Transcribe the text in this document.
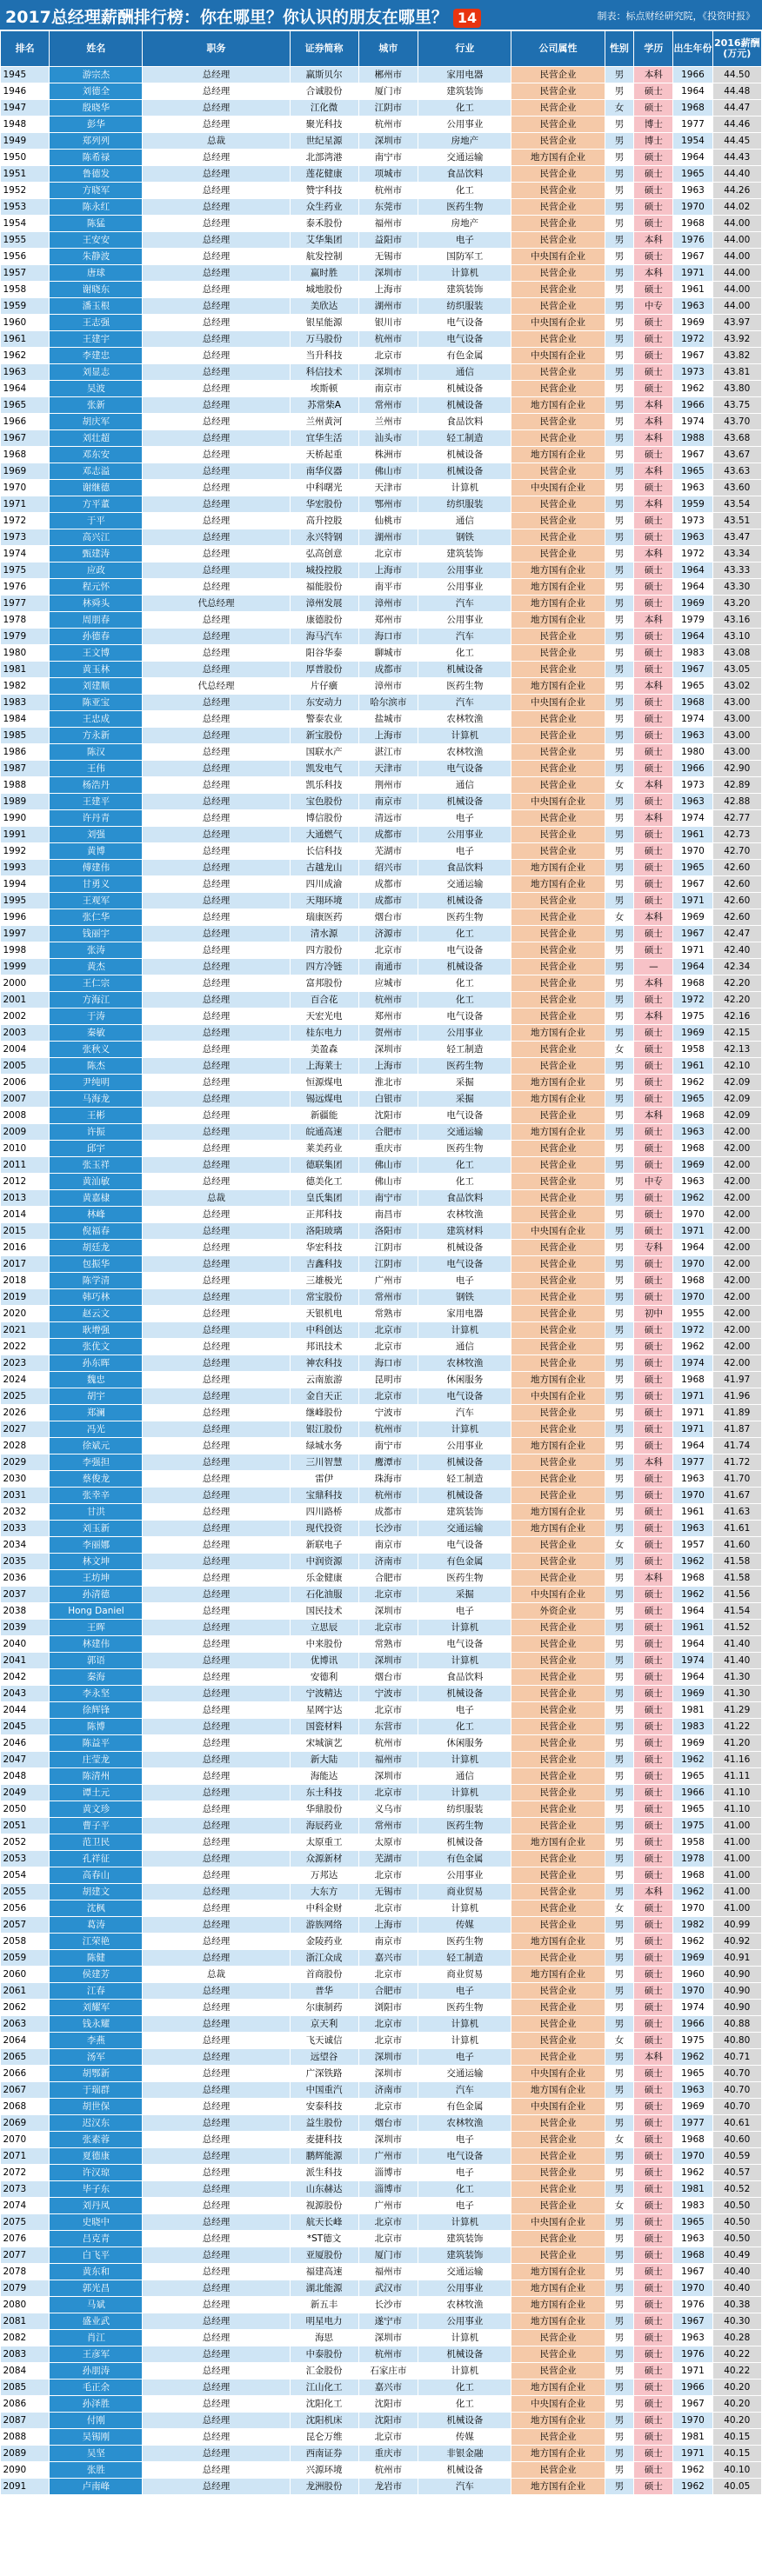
2017总经理薪酬排行榜：你在哪里？你认识的朋友在哪里？ 14	制表：标点财经研究院，《投资时报》
排名	姓名	职务	证券简称	城市	行业	公司属性	性别	学历	出生年份	2016薪酬(万元)
1945	游宗杰	总经理	赢斯贝尔	郴州市	家用电器	民营企业	男	本科	1966	44.50
1946	刘德全	总经理	合诚股份	厦门市	建筑装饰	民营企业	男	硕士	1964	44.48
1947	殷晓华	总经理	江化微	江阴市	化工	民营企业	女	硕士	1968	44.47
1948	彭华	总经理	聚光科技	杭州市	公用事业	民营企业	男	博士	1977	44.46
1949	郑列列	总裁	世纪星源	深圳市	房地产	民营企业	男	博士	1954	44.45
1950	陈希禄	总经理	北部湾港	南宁市	交通运输	地方国有企业	男	硕士	1964	44.43
1951	鲁德发	总经理	莲花健康	项城市	食品饮料	民营企业	男	硕士	1965	44.40
1952	方晓军	总经理	赞宇科技	杭州市	化工	民营企业	男	硕士	1963	44.26
1953	陈永红	总经理	众生药业	东莞市	医药生物	民营企业	男	硕士	1970	44.02
1954	陈猛	总经理	泰禾股份	福州市	房地产	民营企业	男	硕士	1968	44.00
1955	王安安	总经理	艾华集团	益阳市	电子	民营企业	男	本科	1976	44.00
1956	朱静波	总经理	航发控制	无锡市	国防军工	中央国有企业	男	硕士	1967	44.00
1957	唐球	总经理	赢时胜	深圳市	计算机	民营企业	男	本科	1971	44.00
1958	谢晓东	总经理	城地股份	上海市	建筑装饰	民营企业	男	硕士	1961	44.00
1959	潘玉根	总经理	美欣达	湖州市	纺织服装	民营企业	男	中专	1963	44.00
1960	王志强	总经理	银星能源	银川市	电气设备	中央国有企业	男	硕士	1969	43.97
1961	王建宇	总经理	万马股份	杭州市	电气设备	民营企业	男	硕士	1972	43.92
1962	李建忠	总经理	当升科技	北京市	有色金属	中央国有企业	男	硕士	1967	43.82
1963	刘显志	总经理	科信技术	深圳市	通信	民营企业	男	硕士	1973	43.81
1964	吴波	总经理	埃斯顿	南京市	机械设备	民营企业	男	硕士	1962	43.80
1965	张新	总经理	苏常柴A	常州市	机械设备	地方国有企业	男	本科	1966	43.75
1966	胡庆军	总经理	兰州黄河	兰州市	食品饮料	民营企业	男	本科	1974	43.70
1967	刘壮超	总经理	宜华生活	汕头市	轻工制造	民营企业	男	本科	1988	43.68
1968	邓东安	总经理	天桥起重	株洲市	机械设备	地方国有企业	男	硕士	1967	43.67
1969	邓志溢	总经理	南华仪器	佛山市	机械设备	民营企业	男	本科	1965	43.63
1970	谢继德	总经理	中科曙光	天津市	计算机	中央国有企业	男	硕士	1963	43.60
1971	方平董	总经理	华宏股份	鄂州市	纺织服装	民营企业	男	本科	1959	43.54
1972	于平	总经理	高升控股	仙桃市	通信	民营企业	男	硕士	1973	43.51
1973	高兴江	总经理	永兴特钢	湖州市	钢铁	民营企业	男	硕士	1963	43.47
1974	甄建涛	总经理	弘高创意	北京市	建筑装饰	民营企业	男	本科	1972	43.34
1975	应政	总经理	城投控股	上海市	公用事业	地方国有企业	男	硕士	1964	43.33
1976	程元怀	总经理	福能股份	南平市	公用事业	地方国有企业	男	硕士	1964	43.30
1977	林舜头	代总经理	漳州发展	漳州市	汽车	地方国有企业	男	硕士	1969	43.20
1978	周朋春	总经理	康德股份	郑州市	公用事业	地方国有企业	男	本科	1979	43.16
1979	孙德春	总经理	海马汽车	海口市	汽车	民营企业	男	硕士	1964	43.10
1980	王文博	总经理	阳谷华泰	聊城市	化工	民营企业	男	硕士	1983	43.08
1981	黄玉林	总经理	厚普股份	成都市	机械设备	民营企业	男	硕士	1967	43.05
1982	刘建顺	代总经理	片仔癀	漳州市	医药生物	地方国有企业	男	本科	1965	43.02
1983	陈亚宝	总经理	东安动力	哈尔滨市	汽车	中央国有企业	男	硕士	1968	43.00
1984	王忠成	总经理	警泰农业	盐城市	农林牧渔	民营企业	男	硕士	1974	43.00
1985	方永新	总经理	新宝股份	上海市	计算机	民营企业	男	硕士	1963	43.00
1986	陈汉	总经理	国联水产	湛江市	农林牧渔	民营企业	男	硕士	1980	43.00
1987	王伟	总经理	凯发电气	天津市	电气设备	民营企业	男	硕士	1966	42.90
1988	杨浩丹	总经理	凯乐科技	荆州市	通信	民营企业	女	本科	1973	42.89
1989	王建平	总经理	宝色股份	南京市	机械设备	中央国有企业	男	硕士	1963	42.88
1990	许丹青	总经理	博信股份	清远市	电子	民营企业	男	本科	1974	42.77
1991	刘强	总经理	大通燃气	成都市	公用事业	民营企业	男	硕士	1961	42.73
1992	黄博	总经理	长信科技	芜湖市	电子	民营企业	男	硕士	1970	42.70
1993	傅建伟	总经理	古越龙山	绍兴市	食品饮料	地方国有企业	男	硕士	1965	42.60
1994	甘勇义	总经理	四川成渝	成都市	交通运输	地方国有企业	男	硕士	1967	42.60
1995	王观军	总经理	天翔环境	成都市	机械设备	民营企业	男	硕士	1971	42.60
1996	张仁华	总经理	瑞康医药	烟台市	医药生物	民营企业	女	本科	1969	42.60
1997	钱丽宇	总经理	清水源	济源市	化工	民营企业	男	硕士	1967	42.47
1998	张涛	总经理	四方股份	北京市	电气设备	民营企业	男	硕士	1971	42.40
1999	黄杰	总经理	四方冷链	南通市	机械设备	民营企业	男	—	1964	42.34
2000	王仁宗	总经理	富邦股份	应城市	化工	民营企业	男	本科	1968	42.20
2001	方海江	总经理	百合花	杭州市	化工	民营企业	男	硕士	1972	42.20
2002	于涛	总经理	天宏光电	郑州市	电气设备	民营企业	男	本科	1975	42.16
2003	秦敏	总经理	桂东电力	贺州市	公用事业	地方国有企业	男	硕士	1969	42.15
2004	张秋义	总经理	美盈森	深圳市	轻工制造	民营企业	女	硕士	1958	42.13
2005	陈杰	总经理	上海莱士	上海市	医药生物	民营企业	男	硕士	1961	42.10
2006	尹纯明	总经理	恒源煤电	淮北市	采掘	地方国有企业	男	硕士	1962	42.09
2007	马海龙	总经理	锡远煤电	白银市	采掘	地方国有企业	男	硕士	1965	42.09
2008	王彬	总经理	新疆能	沈阳市	电气设备	民营企业	男	本科	1968	42.09
2009	许振	总经理	皖通高速	合肥市	交通运输	地方国有企业	男	硕士	1963	42.00
2010	邱宇	总经理	莱美药业	重庆市	医药生物	民营企业	男	硕士	1968	42.00
2011	张玉祥	总经理	德联集团	佛山市	化工	民营企业	男	硕士	1969	42.00
2012	黄汕敏	总经理	德美化工	佛山市	化工	民营企业	男	中专	1963	42.00
2013	黄嘉棣	总裁	皇氏集团	南宁市	食品饮料	民营企业	男	硕士	1962	42.00
2014	林峰	总经理	正邦科技	南昌市	农林牧渔	民营企业	男	硕士	1970	42.00
2015	倪福春	总经理	洛阳玻璃	洛阳市	建筑材料	中央国有企业	男	硕士	1971	42.00
2016	胡廷龙	总经理	华宏科技	江阴市	机械设备	民营企业	男	专科	1964	42.00
2017	包振华	总经理	吉鑫科技	江阴市	电气设备	民营企业	男	硕士	1970	42.00
2018	陈学清	总经理	三雄极光	广州市	电子	民营企业	男	硕士	1968	42.00
2019	韩巧林	总经理	常宝股份	常州市	钢铁	民营企业	男	硕士	1970	42.00
2020	赵云文	总经理	天银机电	常熟市	家用电器	民营企业	男	初中	1955	42.00
2021	耿增强	总经理	中科创达	北京市	计算机	民营企业	男	硕士	1972	42.00
2022	张优文	总经理	邦讯技术	北京市	通信	民营企业	男	硕士	1962	42.00
2023	孙东晖	总经理	神农科技	海口市	农林牧渔	民营企业	男	硕士	1974	42.00
2024	魏忠	总经理	云南旅游	昆明市	休闲服务	地方国有企业	男	硕士	1968	41.97
2025	胡宇	总经理	金自天正	北京市	电气设备	中央国有企业	男	硕士	1971	41.96
2026	郑澜	总经理	继峰股份	宁波市	汽车	民营企业	男	硕士	1971	41.89
2027	冯光	总经理	银江股份	杭州市	计算机	民营企业	男	硕士	1971	41.87
2028	徐斌元	总经理	绿城水务	南宁市	公用事业	地方国有企业	男	硕士	1964	41.74
2029	李强担	总经理	三川智慧	鹰潭市	机械设备	民营企业	男	本科	1977	41.72
2030	蔡俊龙	总经理	雷伊	珠海市	轻工制造	民营企业	男	硕士	1963	41.70
2031	张幸辛	总经理	宝鼎科技	杭州市	机械设备	民营企业	男	硕士	1970	41.67
2032	甘洪	总经理	四川路桥	成都市	建筑装饰	地方国有企业	男	硕士	1961	41.63
2033	刘玉新	总经理	现代投资	长沙市	交通运输	地方国有企业	男	硕士	1963	41.61
2034	李丽娜	总经理	新联电子	南京市	电气设备	民营企业	女	硕士	1957	41.60
2035	林文坤	总经理	中润资源	济南市	有色金属	民营企业	男	硕士	1962	41.58
2036	王坊坤	总经理	乐金健康	合肥市	医药生物	民营企业	男	本科	1968	41.58
2037	孙清德	总经理	石化油服	北京市	采掘	中央国有企业	男	硕士	1962	41.56
2038	Hong Daniel	总经理	国民技术	深圳市	电子	外资企业	男	硕士	1964	41.54
2039	王晖	总经理	立思辰	北京市	计算机	民营企业	男	硕士	1961	41.52
2040	林建伟	总经理	中来股份	常熟市	电气设备	民营企业	男	硕士	1964	41.40
2041	郭语	总经理	优博讯	深圳市	计算机	民营企业	男	硕士	1974	41.40
2042	秦海	总经理	安德利	烟台市	食品饮料	民营企业	男	硕士	1964	41.30
2043	李永坚	总经理	宁波精达	宁波市	机械设备	民营企业	男	硕士	1969	41.30
2044	徐辉锋	总经理	星网宇达	北京市	电子	民营企业	男	硕士	1981	41.29
2045	陈博	总经理	国瓷材料	东营市	化工	民营企业	男	硕士	1983	41.22
2046	陈益平	总经理	宋城演艺	杭州市	休闲服务	民营企业	男	硕士	1969	41.20
2047	庄莹龙	总经理	新大陆	福州市	计算机	民营企业	男	硕士	1962	41.16
2048	陈清州	总经理	海能达	深圳市	通信	民营企业	男	硕士	1965	41.11
2049	谭土元	总经理	东土科技	北京市	计算机	民营企业	男	硕士	1966	41.10
2050	黄文珍	总经理	华鼎股份	义乌市	纺织服装	民营企业	男	硕士	1965	41.10
2051	曹子平	总经理	海辰药业	常州市	医药生物	民营企业	男	硕士	1975	41.00
2052	范卫民	总经理	太原重工	太原市	机械设备	地方国有企业	男	硕士	1958	41.00
2053	孔祥征	总经理	众源新材	芜湖市	有色金属	民营企业	男	硕士	1978	41.00
2054	高春山	总经理	万邦达	北京市	公用事业	民营企业	男	硕士	1968	41.00
2055	胡建文	总经理	大东方	无锡市	商业贸易	民营企业	男	本科	1962	41.00
2056	沈枫	总经理	中科金财	北京市	计算机	民营企业	女	硕士	1970	41.00
2057	葛涛	总经理	游族网络	上海市	传媒	民营企业	男	硕士	1982	40.99
2058	江荣艳	总经理	金陵药业	南京市	医药生物	地方国有企业	男	硕士	1962	40.92
2059	陈健	总经理	浙江众成	嘉兴市	轻工制造	民营企业	男	硕士	1969	40.91
2060	侯建芳	总裁	首商股份	北京市	商业贸易	地方国有企业	男	硕士	1960	40.90
2061	江春	总经理	普华	合肥市	电子	民营企业	男	硕士	1970	40.90
2062	刘耀军	总经理	尔康制药	浏阳市	医药生物	民营企业	男	硕士	1974	40.90
2063	钱永耀	总经理	京天利	北京市	计算机	民营企业	男	硕士	1966	40.88
2064	李燕	总经理	飞天诚信	北京市	计算机	民营企业	女	硕士	1975	40.80
2065	汤军	总经理	远望谷	深圳市	电子	民营企业	男	本科	1962	40.71
2066	胡鄂新	总经理	广深铁路	深圳市	交通运输	中央国有企业	男	硕士	1965	40.70
2067	于瑞群	总经理	中国重汽	济南市	汽车	地方国有企业	男	硕士	1963	40.70
2068	胡世保	总经理	安泰科技	北京市	有色金属	中央国有企业	男	硕士	1969	40.70
2069	迟汉东	总经理	益生股份	烟台市	农林牧渔	民营企业	男	硕士	1977	40.61
2070	张素蓉	总经理	麦捷科技	深圳市	电子	民营企业	女	硕士	1968	40.60
2071	夏德康	总经理	鹏辉能源	广州市	电气设备	民营企业	男	硕士	1970	40.59
2072	许汉琼	总经理	派生科技	淄博市	电子	民营企业	男	硕士	1962	40.57
2073	毕子东	总经理	山东赫达	淄博市	化工	民营企业	男	硕士	1981	40.52
2074	刘丹凤	总经理	视源股份	广州市	电子	民营企业	女	硕士	1983	40.50
2075	史晓中	总经理	航天长峰	北京市	计算机	中央国有企业	男	硕士	1965	40.50
2076	吕克青	总经理	*ST德文	北京市	建筑装饰	民营企业	男	硕士	1963	40.50
2077	白飞平	总经理	亚厦股份	厦门市	建筑装饰	民营企业	男	硕士	1968	40.49
2078	黄东和	总经理	福建高速	福州市	交通运输	地方国有企业	男	硕士	1967	40.40
2079	郭光昌	总经理	湖北能源	武汉市	公用事业	地方国有企业	男	硕士	1970	40.40
2080	马斌	总经理	新五丰	长沙市	农林牧渔	地方国有企业	男	硕士	1976	40.38
2081	盛业武	总经理	明星电力	遂宁市	公用事业	地方国有企业	男	硕士	1967	40.30
2082	肖江	总经理	海思	深圳市	计算机	民营企业	男	硕士	1963	40.28
2083	王彦军	总经理	中泰股份	杭州市	机械设备	民营企业	男	硕士	1976	40.22
2084	孙朋涛	总经理	汇金股份	石家庄市	计算机	民营企业	男	硕士	1971	40.22
2085	毛正余	总经理	江山化工	嘉兴市	化工	地方国有企业	男	硕士	1966	40.20
2086	孙泽胜	总经理	沈阳化工	沈阳市	化工	中央国有企业	男	硕士	1967	40.20
2087	付刚	总经理	沈阳机床	沈阳市	机械设备	地方国有企业	男	硕士	1970	40.20
2088	吴锡刚	总经理	昆仑万维	北京市	传媒	民营企业	男	硕士	1981	40.15
2089	吴坚	总经理	西南证券	重庆市	非银金融	地方国有企业	男	硕士	1971	40.15
2090	张胜	总经理	兴源环境	杭州市	机械设备	民营企业	男	硕士	1962	40.10
2091	卢南峰	总经理	龙洲股份	龙岩市	汽车	地方国有企业	男	硕士	1962	40.05
